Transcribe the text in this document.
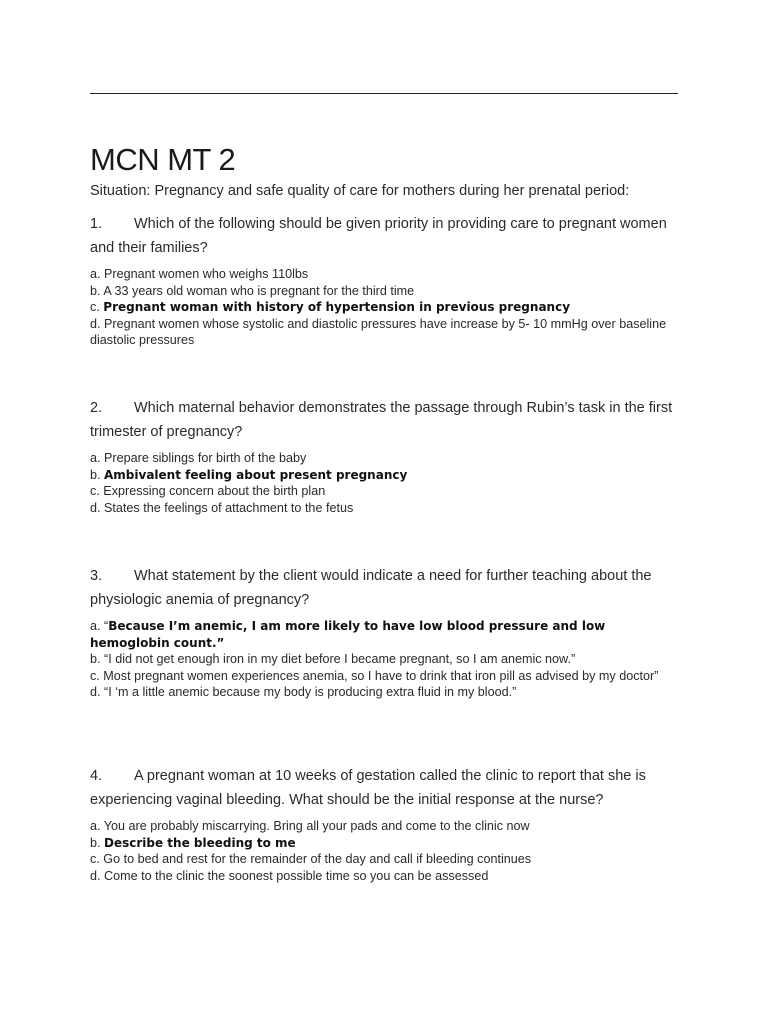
MCN MT 2
Situation: Pregnancy and safe quality of care for mothers during her prenatal period:

1. Which of the following should be given priority in providing care to pregnant women and their families?

a. Pregnant women who weighs 110lbs
b. A 33 years old woman who is pregnant for the third time
c. Pregnant woman with history of hypertension in previous pregnancy
d. Pregnant women whose systolic and diastolic pressures have increase by 5- 10 mmHg over baseline diastolic pressures

2. Which maternal behavior demonstrates the passage through Rubin’s task in the first trimester of pregnancy?

a. Prepare siblings for birth of the baby
b. Ambivalent feeling about present pregnancy
c. Expressing concern about the birth plan
d. States the feelings of attachment to the fetus

3. What statement by the client would indicate a need for further teaching about the physiologic anemia of pregnancy?

a. “Because I’m anemic, I am more likely to have low blood pressure and low hemoglobin count.”
b. “I did not get enough iron in my diet before I became pregnant, so I am anemic now.”
c. Most pregnant women experiences anemia, so I have to drink that iron pill as advised by my doctor”
d. “I ‘m a little anemic because my body is producing extra fluid in my blood.”

4. A pregnant woman at 10 weeks of gestation called the clinic to report that she is experiencing vaginal bleeding. What should be the initial response at the nurse?

a. You are probably miscarrying. Bring all your pads and come to the clinic now
b. Describe the bleeding to me
c. Go to bed and rest for the remainder of the day and call if bleeding continues
d. Come to the clinic the soonest possible time so you can be assessed
